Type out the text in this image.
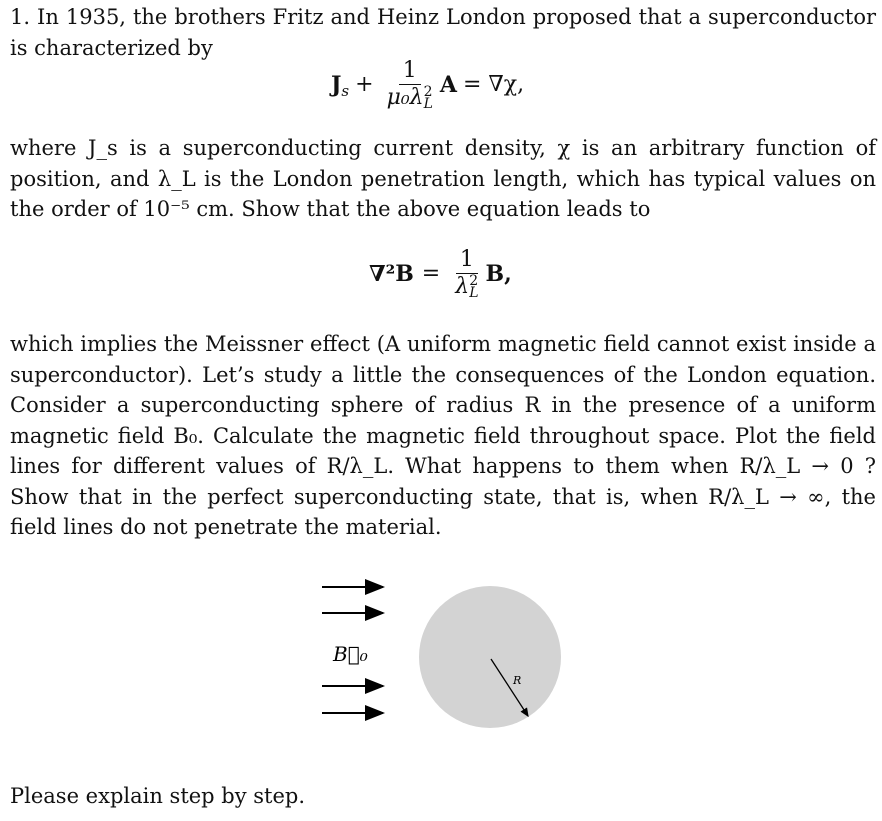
1. In 1935, the brothers Fritz and Heinz London proposed that a superconductor is characterized by

$J_s + 1$
μ₀λ 2
L A = ∇χ,

where J_s is a superconducting current density, χ is an arbitrary function of position, and λ_L is the London penetration length, which has typical values on the order of 10⁻⁵ cm. Show that the above equation leads to

∇²B = 1
λ 2
L B,

which implies the Meissner effect (A uniform magnetic field cannot exist inside a superconductor). Let’s study a little the consequences of the London equation. Consider a superconducting sphere of radius R in the presence of a uniform magnetic field B₀. Calculate the magnetic field throughout space. Plot the field lines for different values of R/λ_L. What happens to them when R/λ_L → 0 ? Show that in the perfect superconducting state, that is, when R/λ_L → ∞, the field lines do not penetrate the material.

B⃗₀
R
Please explain step by step.
